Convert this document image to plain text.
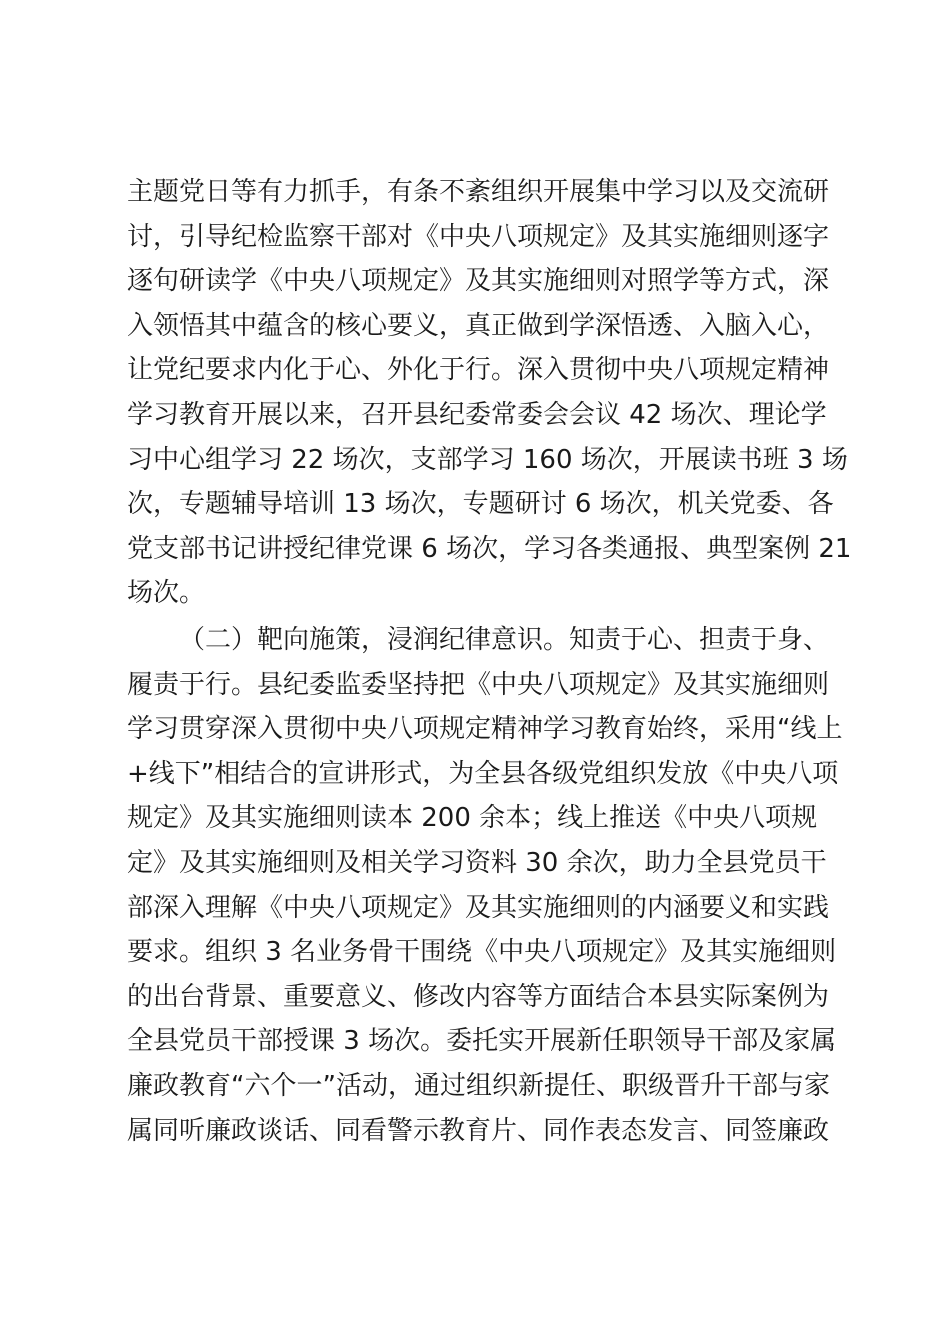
主题党日等有力抓手，有条不紊组织开展集中学习以及交流研
讨，引导纪检监察干部对《中央八项规定》及其实施细则逐字
逐句研读学《中央八项规定》及其实施细则对照学等方式，深
入领悟其中蕴含的核心要义，真正做到学深悟透、入脑入心，
让党纪要求内化于心、外化于行。深入贯彻中央八项规定精神
学习教育开展以来，召开县纪委常委会会议 42 场次、理论学
习中心组学习 22 场次，支部学习 160 场次，开展读书班 3 场
次，专题辅导培训 13 场次，专题研讨 6 场次，机关党委、各
党支部书记讲授纪律党课 6 场次，学习各类通报、典型案例 21
场次。
（二）靶向施策，浸润纪律意识。知责于心、担责于身、
履责于行。县纪委监委坚持把《中央八项规定》及其实施细则
学习贯穿深入贯彻中央八项规定精神学习教育始终，采用“线上
+线下”相结合的宣讲形式，为全县各级党组织发放《中央八项
规定》及其实施细则读本 200 余本；线上推送《中央八项规
定》及其实施细则及相关学习资料 30 余次，助力全县党员干
部深入理解《中央八项规定》及其实施细则的内涵要义和实践
要求。组织 3 名业务骨干围绕《中央八项规定》及其实施细则
的出台背景、重要意义、修改内容等方面结合本县实际案例为
全县党员干部授课 3 场次。委托实开展新任职领导干部及家属
廉政教育“六个一”活动，通过组织新提任、职级晋升干部与家
属同听廉政谈话、同看警示教育片、同作表态发言、同签廉政
